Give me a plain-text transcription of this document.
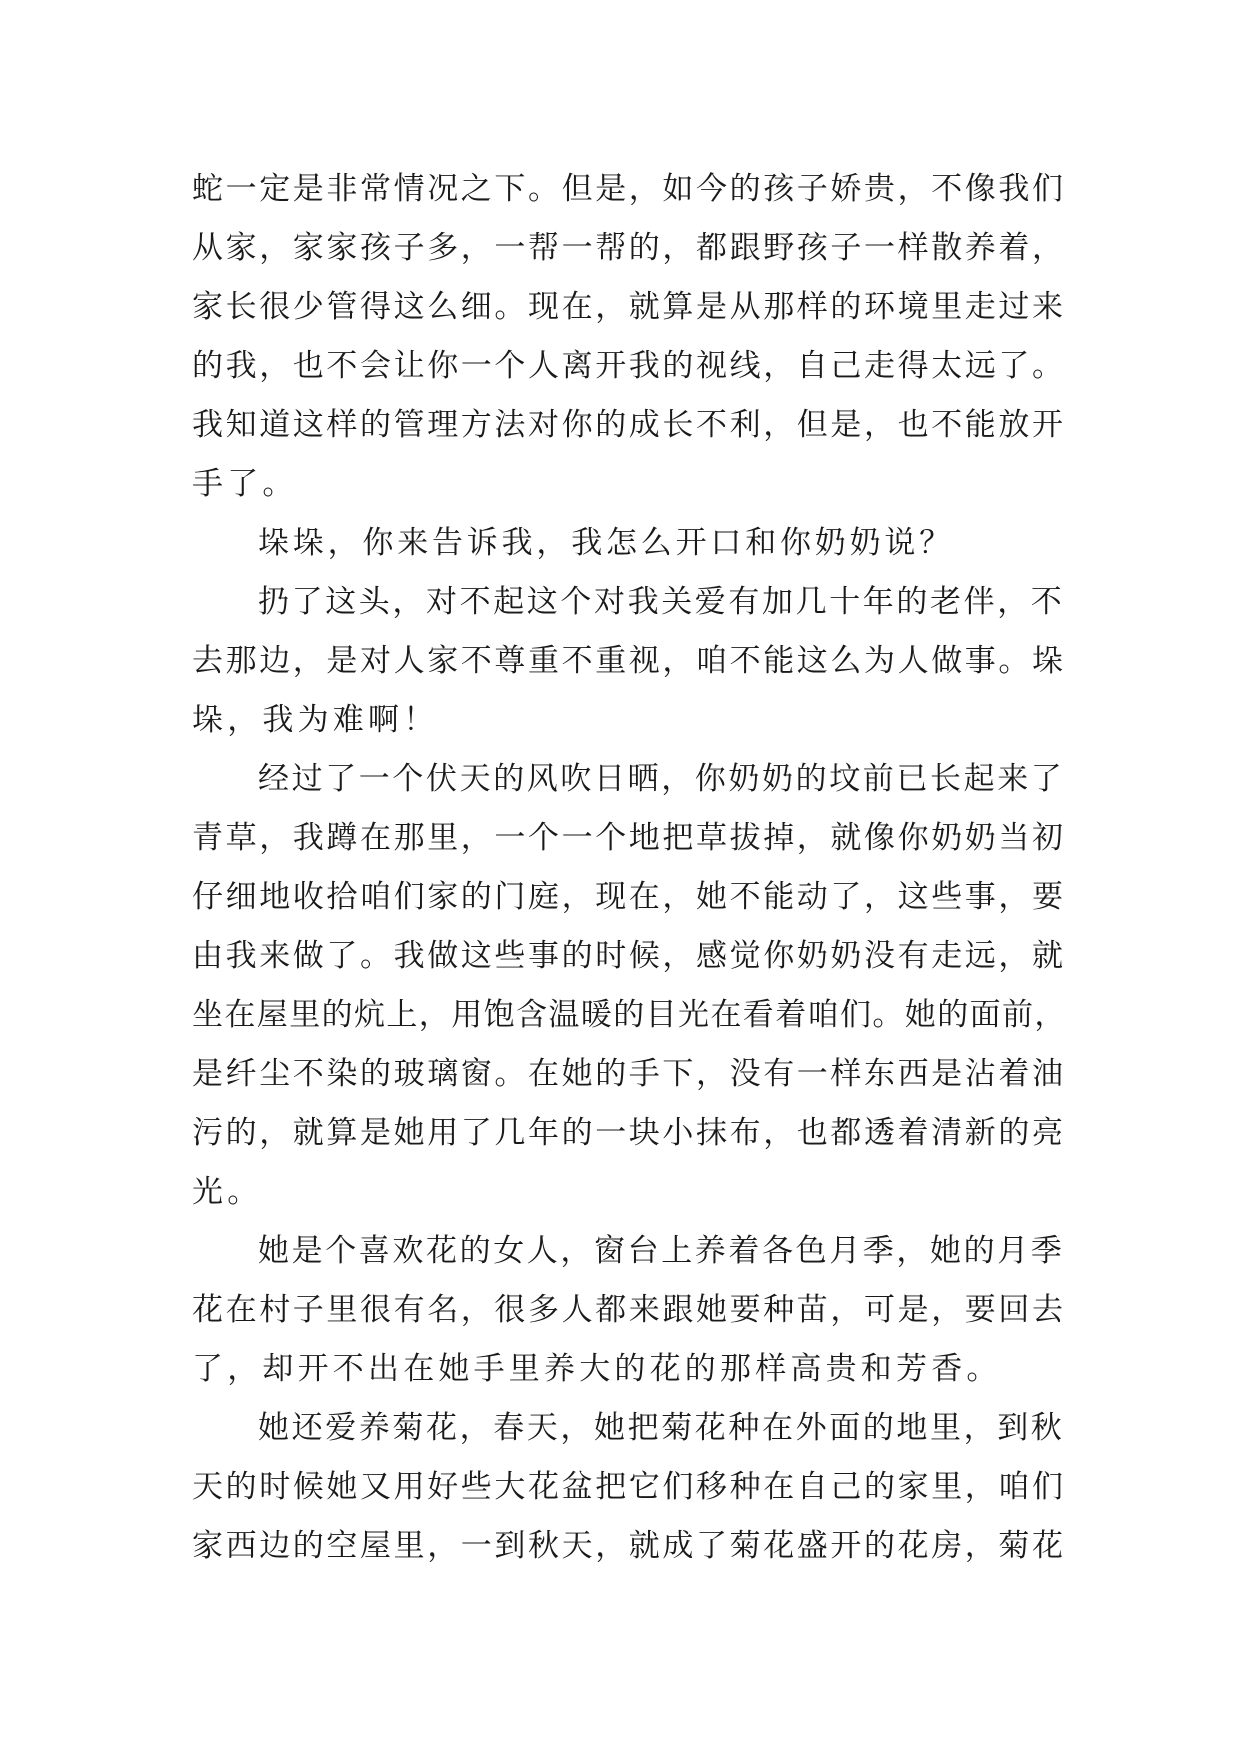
蛇一定是非常情况之下。但是，如今的孩子娇贵，不像我们
从家，家家孩子多，一帮一帮的，都跟野孩子一样散养着，
家长很少管得这么细。现在，就算是从那样的环境里走过来
的我，也不会让你一个人离开我的视线，自己走得太远了。
我知道这样的管理方法对你的成长不利，但是，也不能放开
手了。
垛垛，你来告诉我，我怎么开口和你奶奶说？
扔了这头，对不起这个对我关爱有加几十年的老伴，不
去那边，是对人家不尊重不重视，咱不能这么为人做事。垛
垛，我为难啊！
经过了一个伏天的风吹日晒，你奶奶的坟前已长起来了
青草，我蹲在那里，一个一个地把草拔掉，就像你奶奶当初
仔细地收拾咱们家的门庭，现在，她不能动了，这些事，要
由我来做了。我做这些事的时候，感觉你奶奶没有走远，就
坐在屋里的炕上，用饱含温暖的目光在看着咱们。她的面前，
是纤尘不染的玻璃窗。在她的手下，没有一样东西是沾着油
污的，就算是她用了几年的一块小抹布，也都透着清新的亮
光。
她是个喜欢花的女人，窗台上养着各色月季，她的月季
花在村子里很有名，很多人都来跟她要种苗，可是，要回去
了，却开不出在她手里养大的花的那样高贵和芳香。
她还爱养菊花，春天，她把菊花种在外面的地里，到秋
天的时候她又用好些大花盆把它们移种在自己的家里，咱们
家西边的空屋里，一到秋天，就成了菊花盛开的花房，菊花
